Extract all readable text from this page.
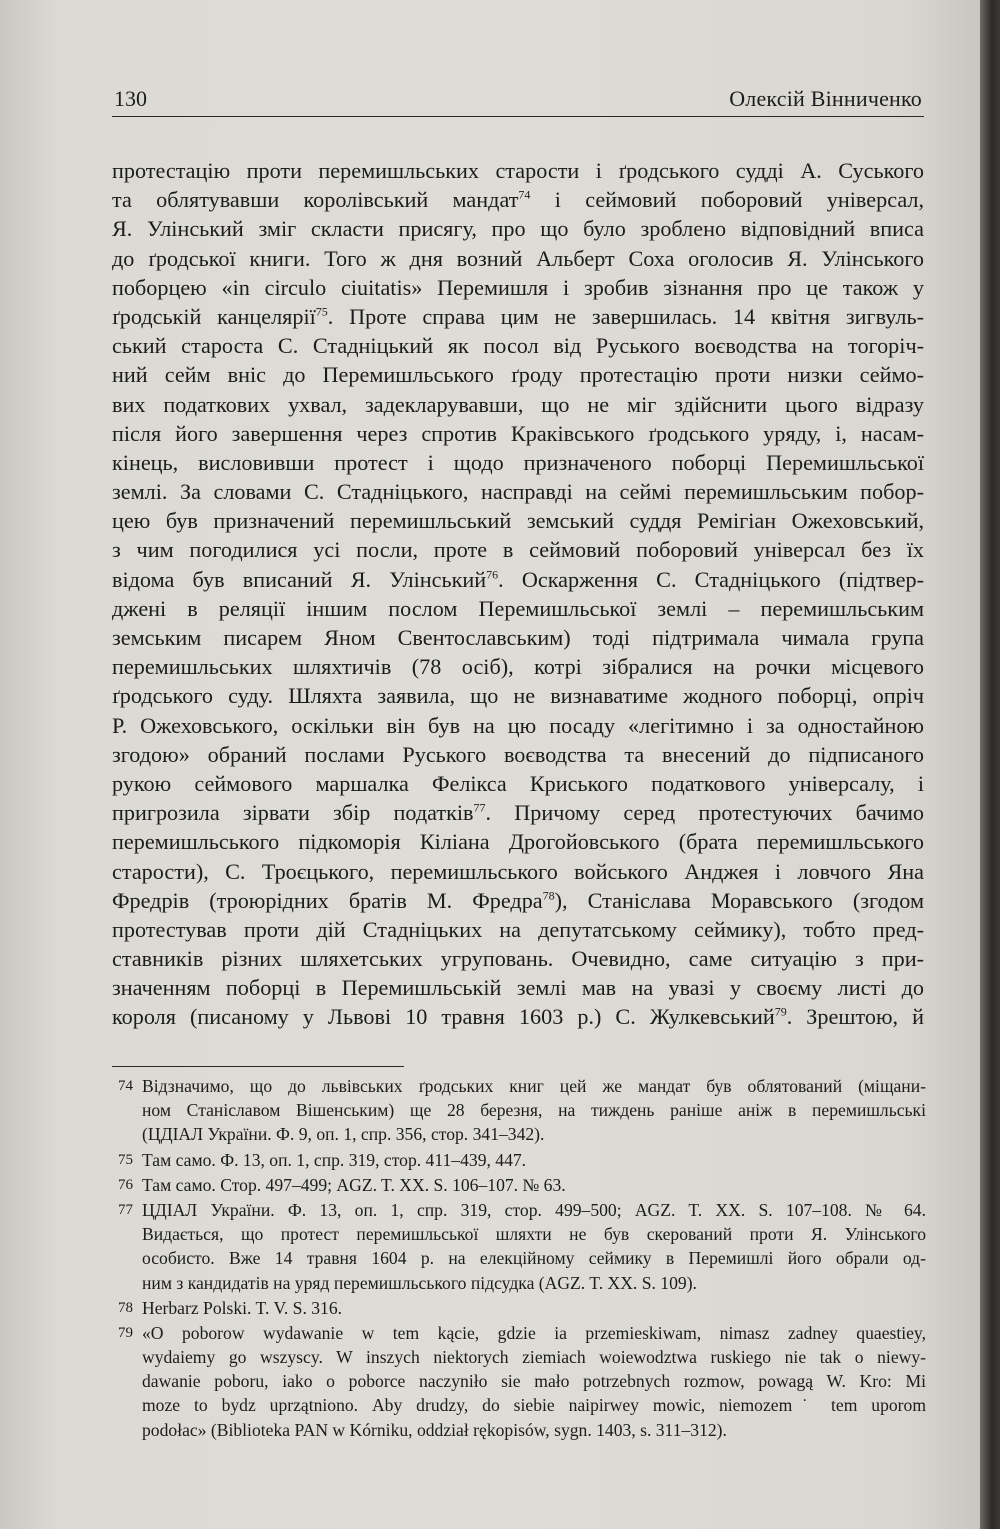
130	Олексій Вінниченко
протестацію проти перемишльських старости і ґродського судді А. Суського
та облятувавши королівський мандат$^{74}$ і сеймовий поборовий універсал,
Я. Улінський зміг скласти присягу, про що було зроблено відповідний вписа
до ґродської книги. Того ж дня возний Альберт Соха оголосив Я. Улінського
поборцею «in circulo ciuitatis» Перемишля і зробив зізнання про це також у
ґродській канцелярії$^{75}$. Проте справа цим не завершилась. 14 квітня зигвуль-
ський староста С. Стадніцький як посол від Руського воєводства на тогоріч-
ний сейм вніс до Перемишльського ґроду протестацію проти низки сеймо-
вих податкових ухвал, задекларувавши, що не міг здійснити цього відразу
після його завершення через спротив Краківського ґродського уряду, і, насам-
кінець, висловивши протест і щодо призначеного поборці Перемишльської
землі. За словами С. Стадніцького, насправді на сеймі перемишльським побор-
цею був призначений перемишльський земський суддя Ремігіан Ожеховський,
з чим погодилися усі посли, проте в сеймовий поборовий універсал без їх
відома був вписаний Я. Улінський$^{76}$. Оскарження С. Стадніцького (підтвер-
джені в реляції іншим послом Перемишльської землі – перемишльським
земським писарем Яном Свентославським) тоді підтримала чимала група
перемишльських шляхтичів (78 осіб), котрі зібралися на рочки місцевого
ґродського суду. Шляхта заявила, що не визнаватиме жодного поборці, опріч
Р. Ожеховського, оскільки він був на цю посаду «легітимно і за одностайною
згодою» обраний послами Руського воєводства та внесений до підписаного
рукою сеймового маршалка Фелікса Криського податкового універсалу, і
пригрозила зірвати збір податків$^{77}$. Причому серед протестуючих бачимо
перемишльського підкоморія Кіліана Дрогойовського (брата перемишльського
старости), С. Троєцького, перемишльського войського Анджея і ловчого Яна
Фредрів (троюрідних братів М. Фредра$^{78}$), Станіслава Моравського (згодом
протестував проти дій Стадніцьких на депутатському сеймику), тобто пред-
ставників різних шляхетських угруповань. Очевидно, саме ситуацію з при-
значенням поборці в Перемишльській землі мав на увазі у своєму листі до
короля (писаному у Львові 10 травня 1603 р.) С. Жулкевський$^{79}$. Зрештою, й
74 Відзначимо, що до львівських ґродських книг цей же мандат був облятований (міщани-
ном Станіславом Вішенським) ще 28 березня, на тиждень раніше аніж в перемишльські
(ЦДІАЛ України. Ф. 9, оп. 1, спр. 356, стор. 341–342).
75 Там само. Ф. 13, оп. 1, спр. 319, стор. 411–439, 447.
76 Там само. Стор. 497–499; AGZ. T. XX. S. 106–107. № 63.
77 ЦДІАЛ України. Ф. 13, оп. 1, спр. 319, стор. 499–500; AGZ. T. XX. S. 107–108. № 64.
Видається, що протест перемишльської шляхти не був скерований проти Я. Улінського
особисто. Вже 14 травня 1604 р. на елекційному сеймику в Перемишлі його обрали од-
ним з кандидатів на уряд перемишльського підсудка (AGZ. T. XX. S. 109).
78 Herbarz Polski. T. V. S. 316.
79 «O poborow wydawanie w tem kącie, gdzie ia przemieskiwam, nimasz zadney quaestiey,
wydaiemy go wszyscy. W inszych niektorych ziemiach woiewodztwa ruskiego nie tak o niewy-
dawanie poboru, iako o poborce naczyniło sie mało potrzebnych rozmow, powagą W. Kro: Mi
moze to bydz uprzątnionо. Aby drudzy, do siebie naipirwey mowic, niemozem˙ tem uporom
podołac» (Biblioteka PAN w Kórniku, oddział rękopisów, sygn. 1403, s. 311–312).
